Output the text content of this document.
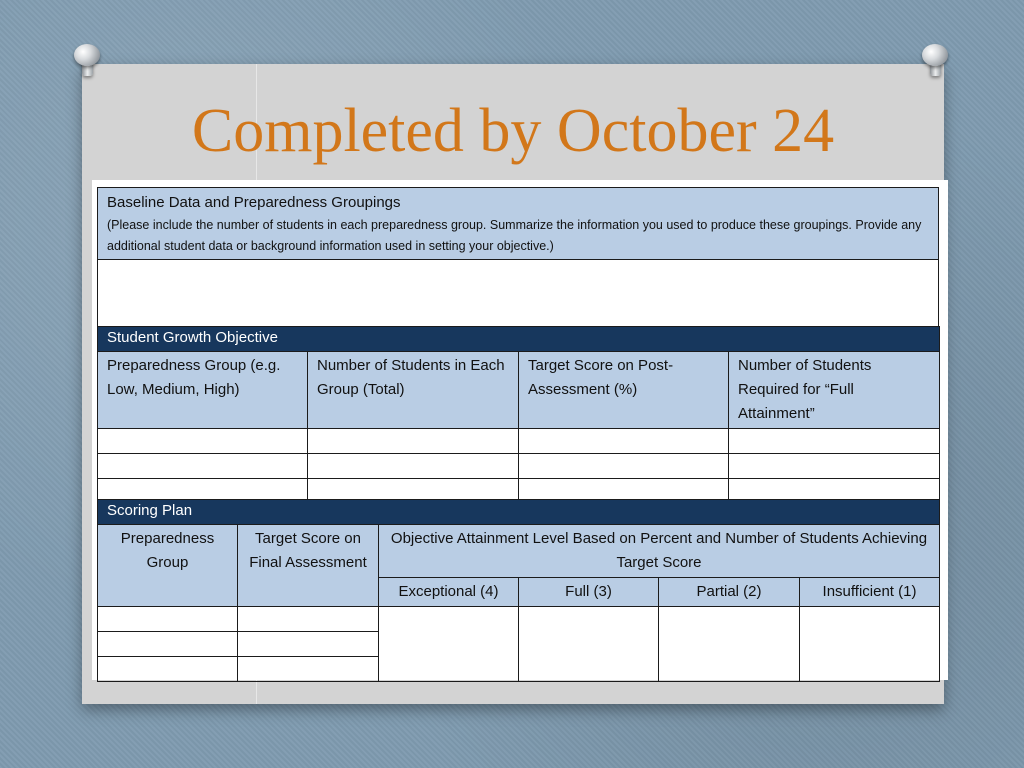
Completed by October 24
Baseline Data and Preparedness Groupings
(Please include the number of students in each preparedness group. Summarize the information you used to produce these groupings. Provide any additional student data or background information used in setting your objective.)

Student Growth Objective			
Preparedness Group (e.g. Low, Medium, High)	Number of Students in Each Group (Total)	Target Score on Post-Assessment (%)	Number of Students Required for “Full Attainment”

Scoring Plan					
Preparedness Group	Target Score on Final Assessment	Objective Attainment Level Based on Percent and Number of Students Achieving Target Score			
		Exceptional (4)	Full (3)	Partial (2)	Insufficient (1)
